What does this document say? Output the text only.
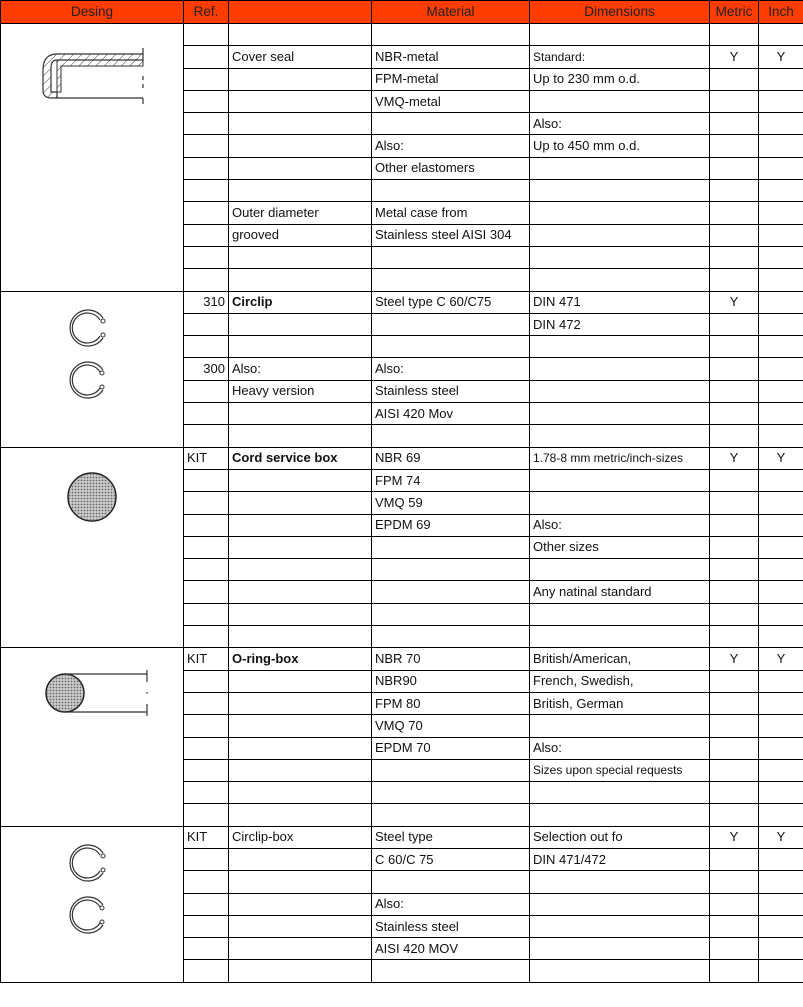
Desing	Ref.		Material	Dimensions	Metric	Inch

		Cover seal	NBR-metal	Standard:	Y	Y
			FPM-metal	Up to 230 mm o.d.		
			VMQ-metal			
				Also:		
			Also:	Up to 450 mm o.d.		
			Other elastomers			

		Outer diameter	Metal case from			
		grooved	Stainless steel AISI 304			

	310	Circlip	Steel type C 60/C75	DIN 471	Y	
				DIN 472		

	300	Also:	Also:			
		Heavy version	Stainless steel			
			AISI 420 Mov			

	KIT	Cord service box	NBR 69	1.78-8 mm metric/inch-sizes	Y	Y
			FPM 74			
			VMQ 59			
			EPDM 69	Also:		
				Other sizes		

				Any natinal standard		

	KIT	O-ring-box	NBR 70	British/American,	Y	Y
			NBR90	French, Swedish,		
			FPM 80	British, German		
			VMQ 70			
			EPDM 70	Also:		
				Sizes upon special requests		

	KIT	Circlip-box	Steel type	Selection out fo	Y	Y
			C 60/C 75	DIN 471/472		

			Also:			
			Stainless steel			
			AISI 420 MOV			
